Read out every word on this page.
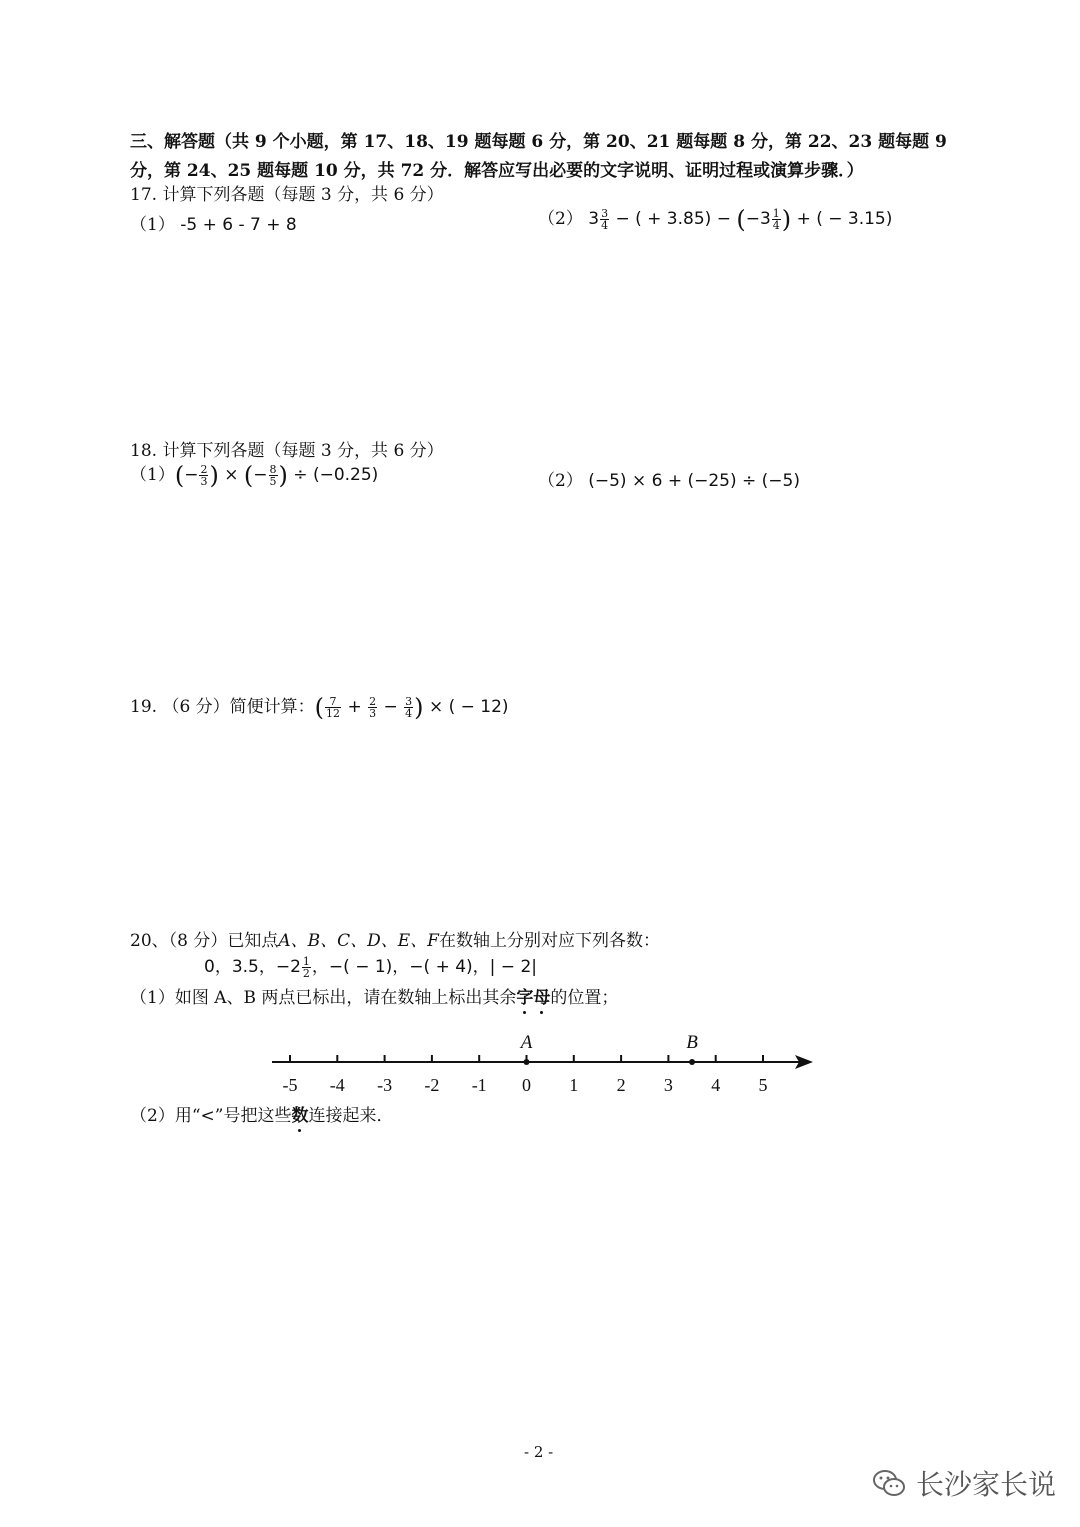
三、解答题（共 9 个小题，第 17、18、19 题每题 6 分，第 20、21 题每题 8 分，第 22、23 题每题 9
分，第 24、25 题每题 10 分，共 72 分．解答应写出必要的文字说明、证明过程或演算步骤．）
17. 计算下列各题（每题 3 分，共 6 分）
（1） -5 + 6 - 7 + 8	（2） $3 \frac{3}{4}$ − ( + $3.85) - (-3 \frac{1}{4}$ ) + ( − 3.15)
18. 计算下列各题（每题 3 分，共 6 分）
$(1)(- \frac{2}{3}$ ) × (− $\frac{8}{5}$ ) ÷ (−0.25)	（2） (−5) × 6 + (−25) ÷ (−5)
19. （6 分）简便计算：( $\frac{7}{12} + \frac{2}{3} - \frac{3}{4}$ ) × ( − 12)
20、（8 分）已知点A、B、C、D、E、F在数轴上分别对应下列各数：
0，3.5，$-2 \frac{1}{2}$ ，−( − 1)，−( + 4)，| − 2|
（1）如图 A、B 两点已标出，请在数轴上标出其余字母的位置；
-5 -4 -3 -2 -1 0 1 2 3 4 5
A	B
（2）用“<”号把这些数连接起来．
- 2 -
长沙家长说
